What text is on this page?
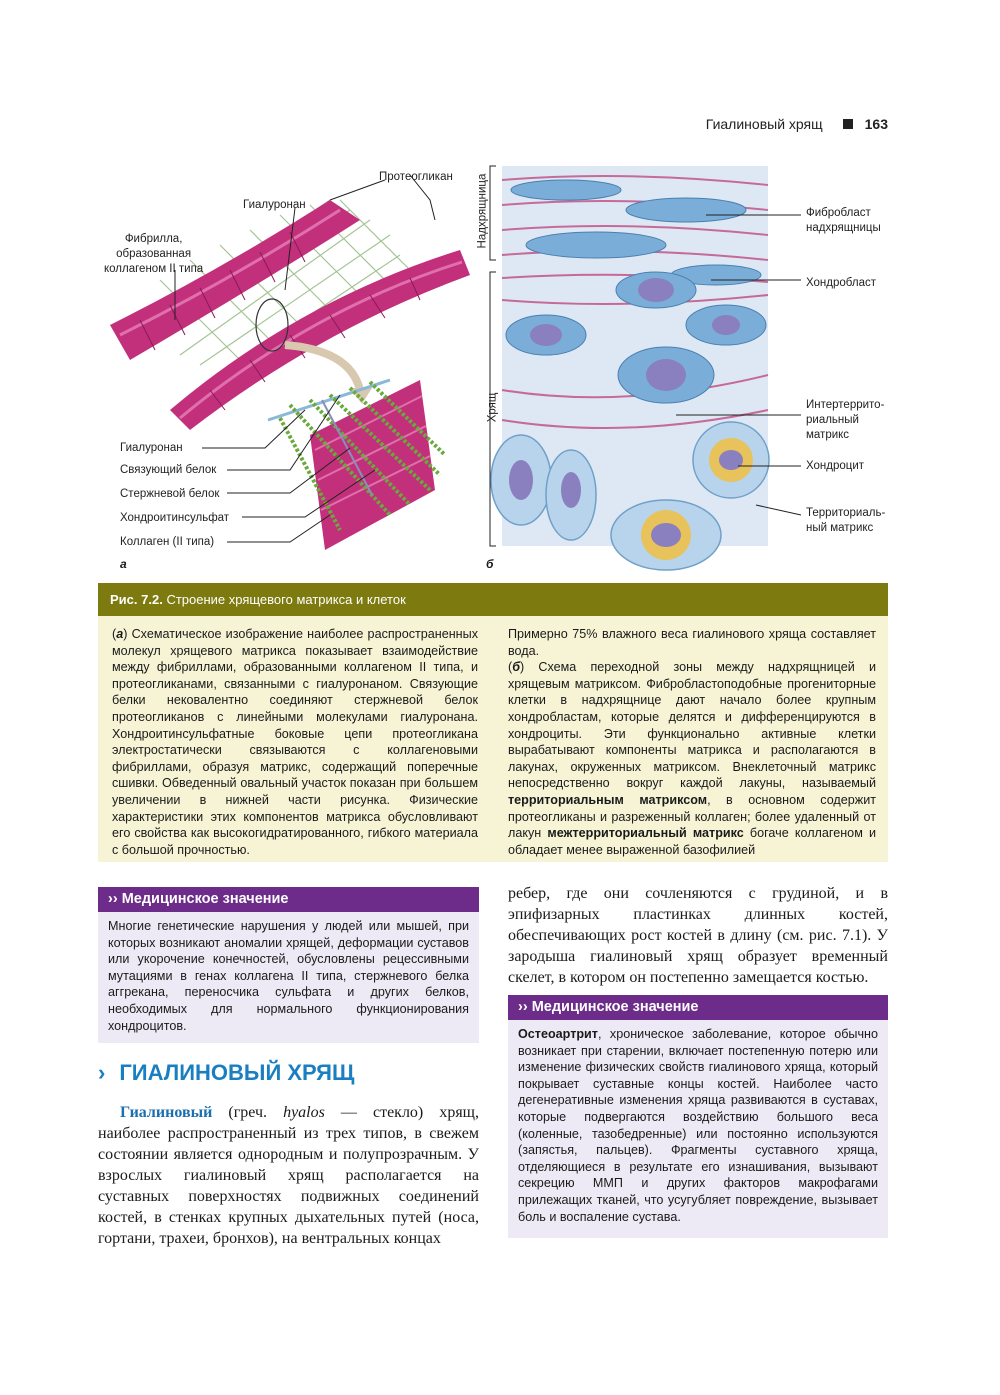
Гиалиновый хрящ	163
Протеогликан
Гиалуронан
Фибрилла,
образованная
коллагеном II типа
Гиалуронан
Связующий белок
Стержневой белок
Хондроитинсульфат
Коллаген (II типа)
а
Надхрящница
Хрящ
Фибробласт
надхрящницы
Хондробласт
Интертеррито-
риальный
матрикс
Хондроцит
Территориаль-
ный матрикс
б
Рис. 7.2. Строение хрящевого матрикса и клеток
(а) Схематическое изображение наиболее распространенных молекул хрящевого матрикса показывает взаимодействие между фибриллами, образованными коллагеном II типа, и протеогликанами, связанными с гиалуронаном. Связующие белки нековалентно соединяют стержневой белок протеогликанов с линейными молекулами гиалуронана. Хондроитинсульфатные боковые цепи протеогликана электростатически связываются с коллагеновыми фибриллами, образуя матрикс, содержащий поперечные сшивки. Обведенный овальный участок показан при большем увеличении в нижней части рисунка. Физические характеристики этих компонентов матрикса обусловливают его свойства как высокогидратированного, гибкого материала с большой прочностью.
Примерно 75% влажного веса гиалинового хряща составляет вода.
(б) Схема переходной зоны между надхрящницей и хрящевым матриксом. Фибробластоподобные прогениторные клетки в надхрящнице дают начало более крупным хондробластам, которые делятся и дифференцируются в хондроциты. Эти функционально активные клетки вырабатывают компоненты матрикса и располагаются в лакунах, окруженных матриксом. Внеклеточный матрикс непосредственно вокруг каждой лакуны, называемый территориальным матриксом, в основном содержит протеогликаны и разреженный коллаген; более удаленный от лакун межтерриториальный матрикс богаче коллагеном и обладает менее выраженной базофилией
›› Медицинское значение
Многие генетические нарушения у людей или мышей, при которых возникают аномалии хрящей, деформации суставов или укорочение конечностей, обусловлены рецессивными мутациями в генах коллагена II типа, стержневого белка аггрекана, переносчика сульфата и других белков, необходимых для нормального функционирования хондроцитов.
› ГИАЛИНОВЫЙ ХРЯЩ
Гиалиновый (греч. hyalos — стекло) хрящ, наиболее распространенный из трех типов, в свежем состоянии является однородным и полупрозрачным. У взрослых гиалиновый хрящ располагается на суставных поверхностях подвижных соединений костей, в стенках крупных дыхательных путей (носа, гортани, трахеи, бронхов), на вентральных концах
ребер, где они сочленяются с грудиной, и в эпифизарных пластинках длинных костей, обеспечивающих рост костей в длину (см. рис. 7.1). У зародыша гиалиновый хрящ образует временный скелет, в котором он постепенно замещается костью.
›› Медицинское значение
Остеоартрит, хроническое заболевание, которое обычно возникает при старении, включает постепенную потерю или изменение физических свойств гиалинового хряща, который покрывает суставные концы костей. Наиболее часто дегенеративные изменения хряща развиваются в суставах, которые подвергаются воздействию большого веса (коленные, тазобедренные) или постоянно используются (запястья, пальцев). Фрагменты суставного хряща, отделяющиеся в результате его изнашивания, вызывают секрецию ММП и других факторов макрофагами прилежащих тканей, что усугубляет повреждение, вызывает боль и воспаление сустава.
